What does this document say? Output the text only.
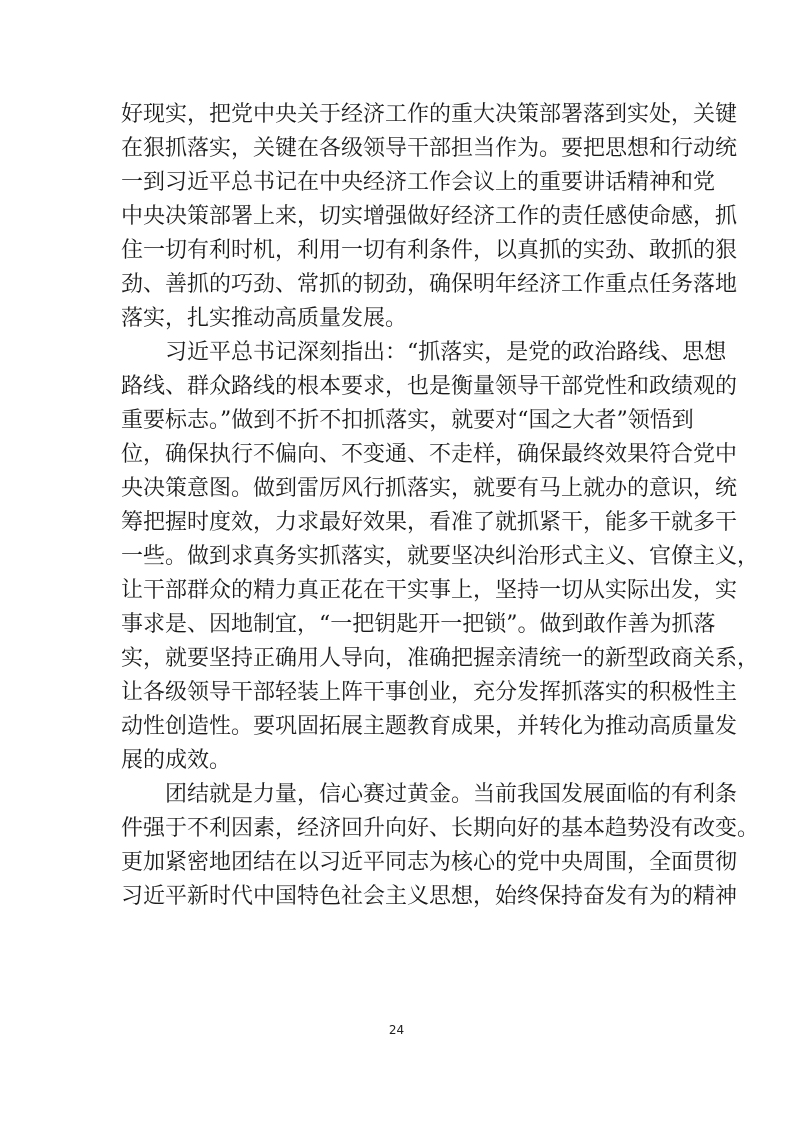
好现实，把党中央关于经济工作的重大决策部署落到实处，关键
在狠抓落实，关键在各级领导干部担当作为。要把思想和行动统
一到习近平总书记在中央经济工作会议上的重要讲话精神和党
中央决策部署上来，切实增强做好经济工作的责任感使命感，抓
住一切有利时机，利用一切有利条件，以真抓的实劲、敢抓的狠
劲、善抓的巧劲、常抓的韧劲，确保明年经济工作重点任务落地
落实，扎实推动高质量发展。
习近平总书记深刻指出：“抓落实，是党的政治路线、思想
路线、群众路线的根本要求，也是衡量领导干部党性和政绩观的
重要标志。”做到不折不扣抓落实，就要对“国之大者”领悟到
位，确保执行不偏向、不变通、不走样，确保最终效果符合党中
央决策意图。做到雷厉风行抓落实，就要有马上就办的意识，统
筹把握时度效，力求最好效果，看准了就抓紧干，能多干就多干
一些。做到求真务实抓落实，就要坚决纠治形式主义、官僚主义，
让干部群众的精力真正花在干实事上，坚持一切从实际出发，实
事求是、因地制宜，“一把钥匙开一把锁”。做到敢作善为抓落
实，就要坚持正确用人导向，准确把握亲清统一的新型政商关系，
让各级领导干部轻装上阵干事创业，充分发挥抓落实的积极性主
动性创造性。要巩固拓展主题教育成果，并转化为推动高质量发
展的成效。
团结就是力量，信心赛过黄金。当前我国发展面临的有利条
件强于不利因素，经济回升向好、长期向好的基本趋势没有改变。
更加紧密地团结在以习近平同志为核心的党中央周围，全面贯彻
习近平新时代中国特色社会主义思想，始终保持奋发有为的精神
24
